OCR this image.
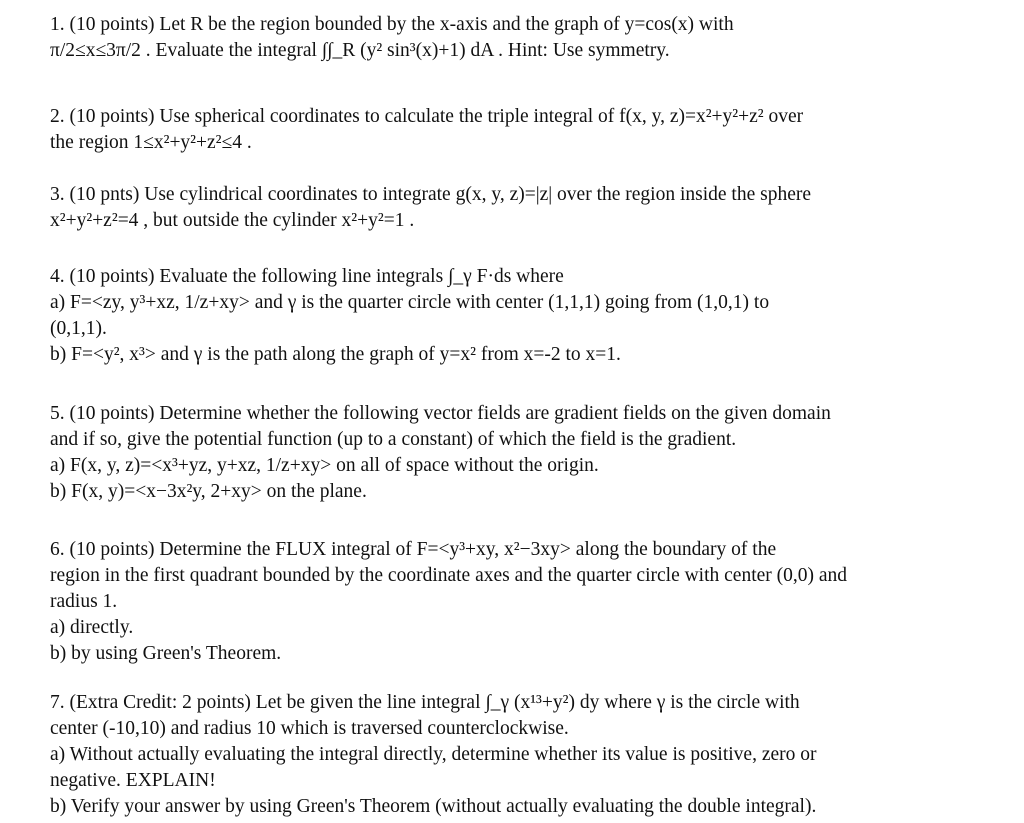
1. (10 points) Let R be the region bounded by the x-axis and the graph of y=cos(x) with
π/2≤x≤3π/2 . Evaluate the integral ∫∫_R (y² sin³(x)+1) dA . Hint: Use symmetry.
2. (10 points) Use spherical coordinates to calculate the triple integral of f(x, y, z)=x²+y²+z² over
the region 1≤x²+y²+z²≤4 .
3. (10 pnts) Use cylindrical coordinates to integrate g(x, y, z)=|z| over the region inside the sphere
x²+y²+z²=4 , but outside the cylinder x²+y²=1 .
4. (10 points) Evaluate the following line integrals ∫_γ F·ds where
a) F=<zy, y³+xz, 1/z+xy> and γ is the quarter circle with center (1,1,1) going from (1,0,1) to
(0,1,1).
b) F=<y², x³> and γ is the path along the graph of y=x² from x=-2 to x=1.
5. (10 points) Determine whether the following vector fields are gradient fields on the given domain
and if so, give the potential function (up to a constant) of which the field is the gradient.
a) F(x, y, z)=<x³+yz, y+xz, 1/z+xy> on all of space without the origin.
b) F(x, y)=<x−3x²y, 2+xy> on the plane.
6. (10 points) Determine the FLUX integral of F=<y³+xy, x²−3xy> along the boundary of the
region in the first quadrant bounded by the coordinate axes and the quarter circle with center (0,0) and
radius 1.
a) directly.
b) by using Green's Theorem.
7. (Extra Credit: 2 points) Let be given the line integral ∫_γ (x¹³+y²) dy where γ is the circle with
center (-10,10) and radius 10 which is traversed counterclockwise.
a) Without actually evaluating the integral directly, determine whether its value is positive, zero or
negative. EXPLAIN!
b) Verify your answer by using Green's Theorem (without actually evaluating the double integral).
